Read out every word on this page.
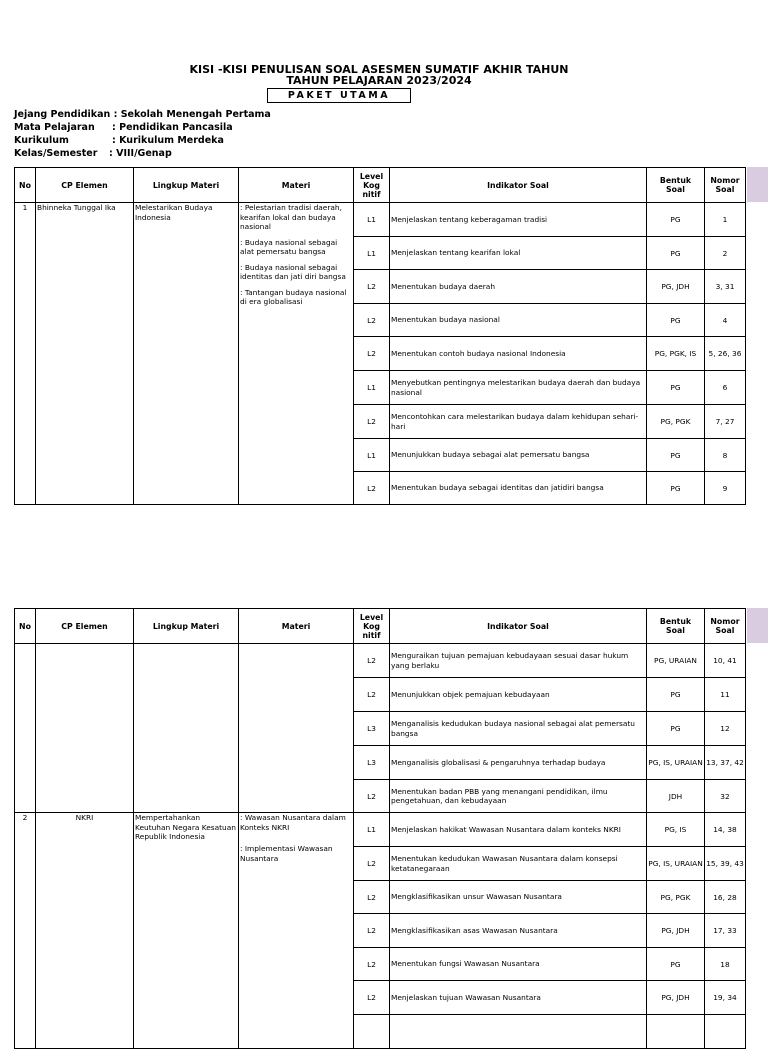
KISI -KISI PENULISAN SOAL ASESMEN SUMATIF AKHIR TAHUN
TAHUN PELAJARAN 2023/2024
PAKET UTAMA
Jejang Pendidikan : Sekolah Menengah Pertama
Mata Pelajaran : Pendidikan Pancasila
Kurikulum	: Kurikulum Merdeka
Kelas/Semester : VIII/Genap
No	CP Elemen	Lingkup Materi	Materi	Level
Kog
nitif	Indikator Soal	Bentuk
Soal	Nomor
Soal
1	Bhinneka Tunggal Ika	Melestarikan Budaya Indonesia	: Pelestarian tradisi daerah, kearifan lokal dan budaya nasional
: Budaya nasional sebagai alat pemersatu bangsa
: Budaya nasional sebagai identitas dan jati diri bangsa
: Tantangan budaya nasional di era globalisasi	L1	Menjelaskan tentang keberagaman tradisi	PG	1
				L1	Menjelaskan tentang kearifan lokal	PG	2
				L2	Menentukan budaya daerah	PG, JDH	3, 31
				L2	Menentukan budaya nasional	PG	4
				L2	Menentukan contoh budaya nasional Indonesia	PG, PGK, IS	5, 26, 36
				L1	Menyebutkan pentingnya melestarikan budaya daerah dan budaya nasional	PG	6
				L2	Mencontohkan cara melestarikan budaya dalam kehidupan sehari-hari	PG, PGK	7, 27
				L1	Menunjukkan budaya sebagai alat pemersatu bangsa	PG	8
				L2	Menentukan budaya sebagai identitas dan jatidiri bangsa	PG	9
No	CP Elemen	Lingkup Materi	Materi	Level
Kog
nitif	Indikator Soal	Bentuk
Soal	Nomor
Soal
				L2	Menguraikan tujuan pemajuan kebudayaan sesuai dasar hukum yang berlaku	PG, URAIAN	10, 41
				L2	Menunjukkan objek pemajuan kebudayaan	PG	11
				L3	Menganalisis kedudukan budaya nasional sebagai alat pemersatu bangsa	PG	12
				L3	Menganalisis globalisasi & pengaruhnya terhadap budaya	PG, IS, URAIAN	13, 37, 42
				L2	Menentukan badan PBB yang menangani pendidikan, ilmu pengetahuan, dan kebudayaan	JDH	32
2	NKRI	Mempertahankan Keutuhan Negara Kesatuan Republik Indonesia	: Wawasan Nusantara dalam Konteks NKRI
: Implementasi Wawasan Nusantara	L1	Menjelaskan hakikat Wawasan Nusantara dalam konteks NKRI	PG, IS	14, 38
				L2	Menentukan kedudukan Wawasan Nusantara dalam konsepsi ketatanegaraan	PG, IS, URAIAN	15, 39, 43
				L2	Mengklasifikasikan unsur Wawasan Nusantara	PG, PGK	16, 28
				L2	Mengklasifikasikan asas Wawasan Nusantara	PG, JDH	17, 33
				L2	Menentukan fungsi Wawasan Nusantara	PG	18
				L2	Menjelaskan tujuan Wawasan Nusantara	PG, JDH	19, 34
